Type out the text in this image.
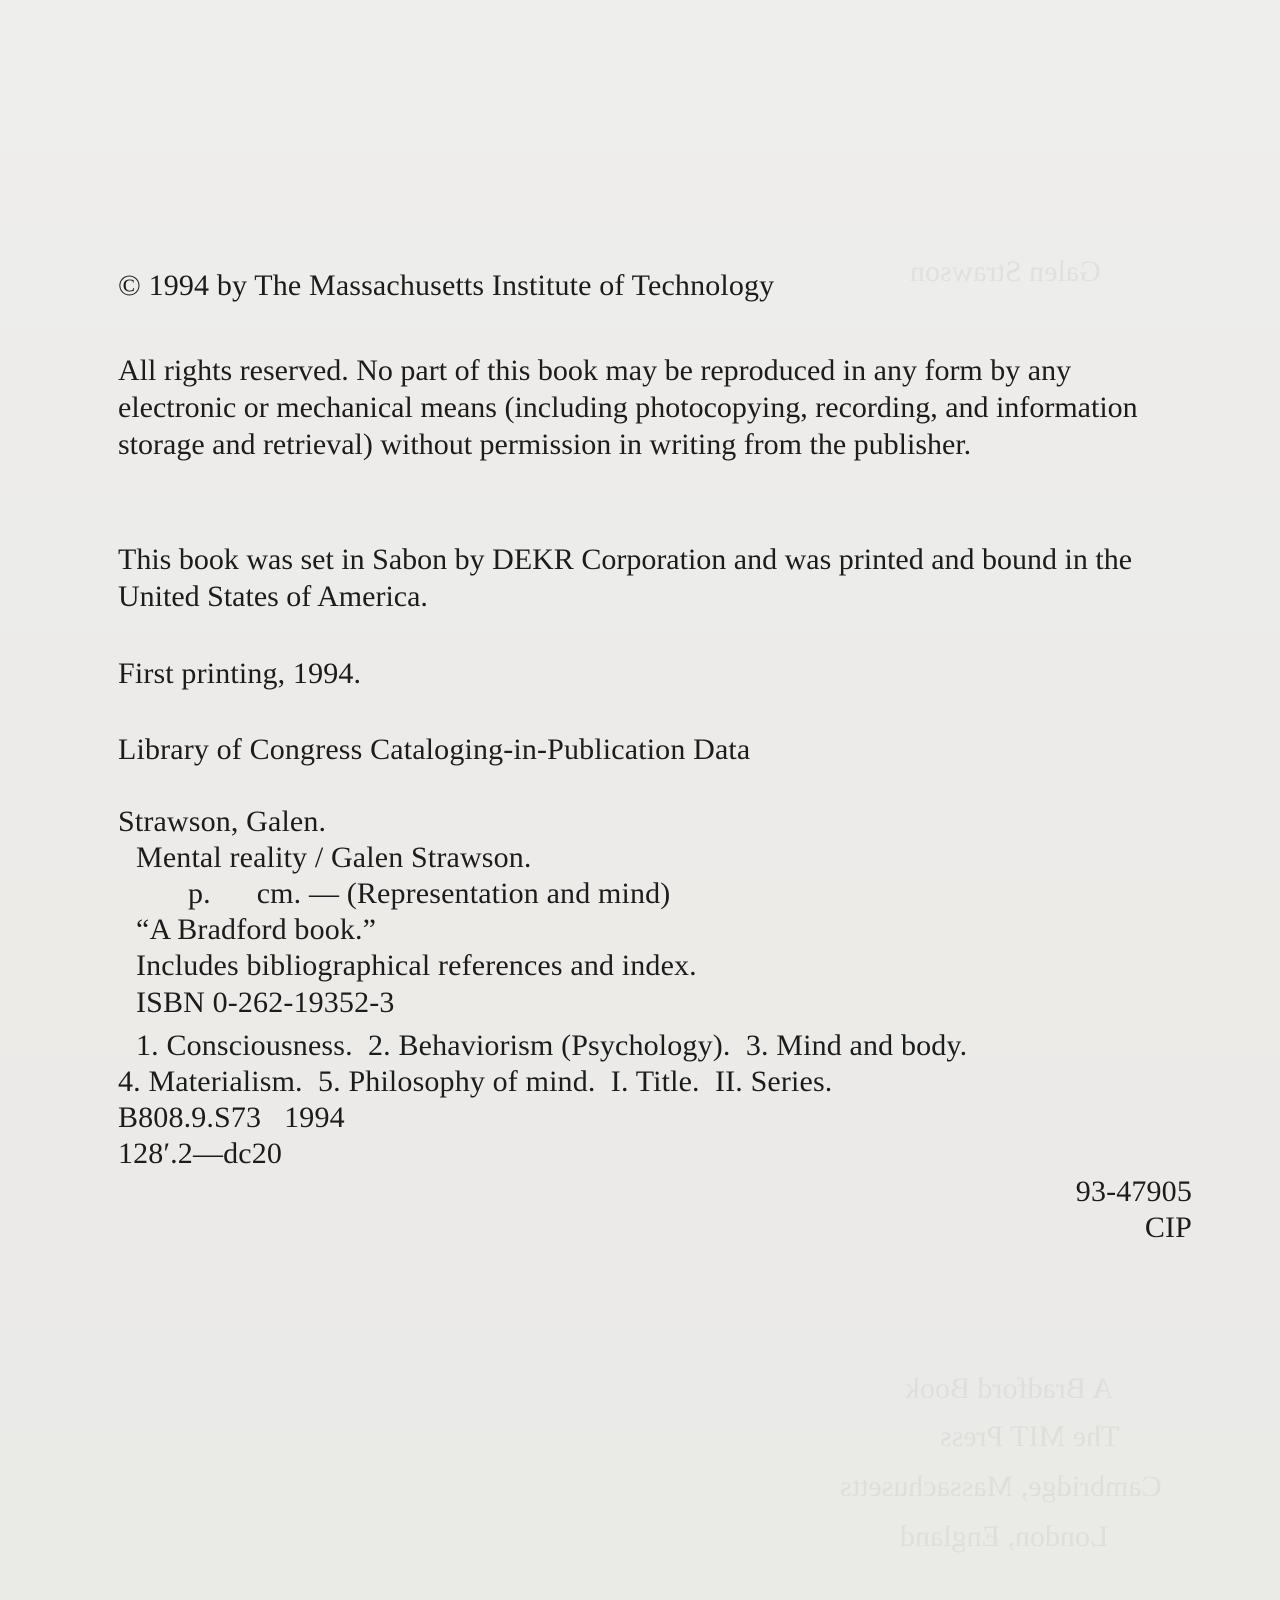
Galen Strawson
A Bradford Book
The MIT Press
Cambridge, Massachusetts
London, England
© 1994 by The Massachusetts Institute of Technology
All rights reserved. No part of this book may be reproduced in any form by any electronic or mechanical means (including photocopying, recording, and information storage and retrieval) without permission in writing from the publisher.
This book was set in Sabon by DEKR Corporation and was printed and bound in the United States of America.
First printing, 1994.
Library of Congress Cataloging-in-Publication Data
Strawson, Galen.
Mental reality / Galen Strawson.
p.      cm. — (Representation and mind)
“A Bradford book.”
Includes bibliographical references and index.
ISBN 0-262-19352-3
1. Consciousness.  2. Behaviorism (Psychology).  3. Mind and body.
4. Materialism.  5. Philosophy of mind.  I. Title.  II. Series.
B808.9.S73   1994
128′.2—dc20
93-47905
CIP
